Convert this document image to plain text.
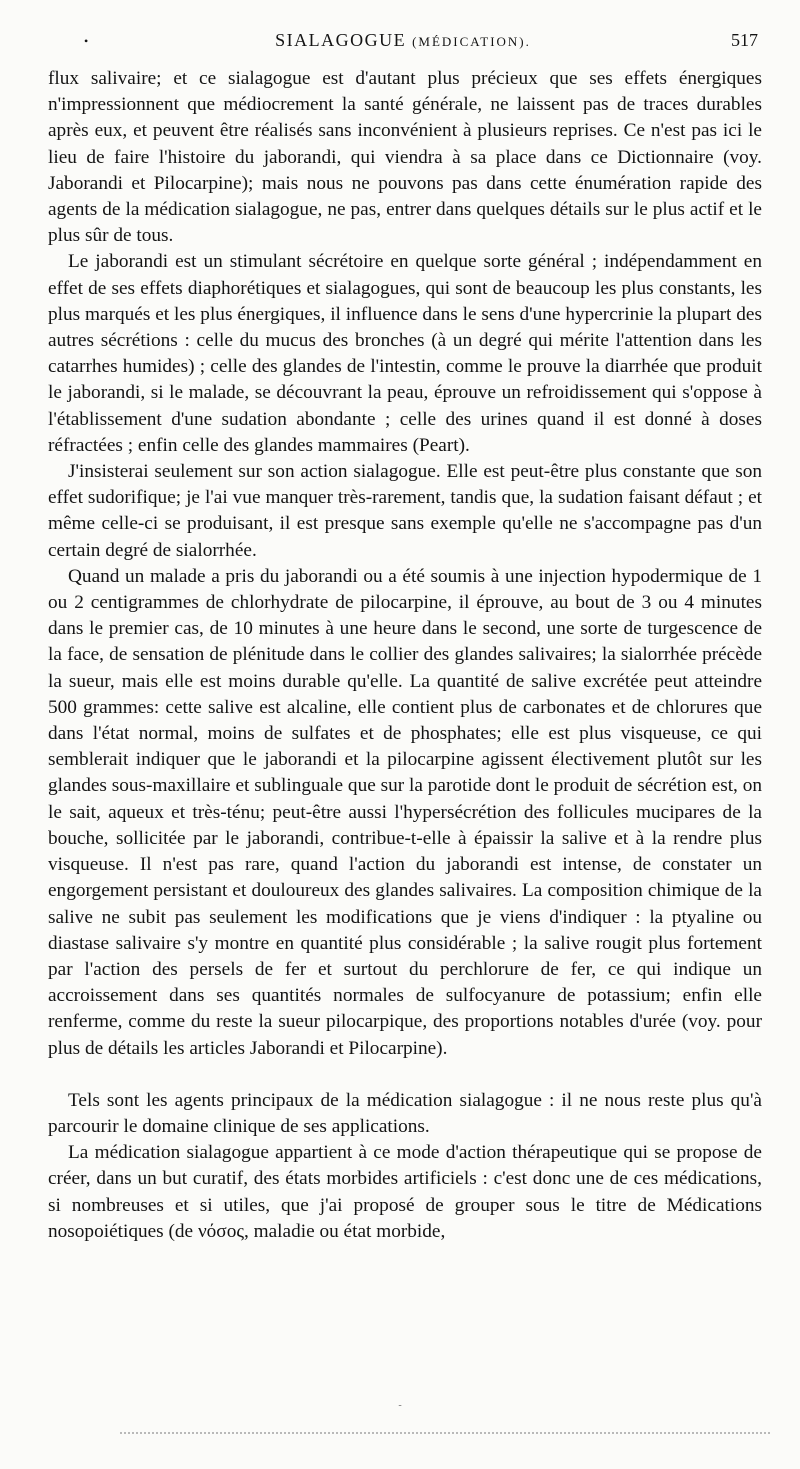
•	SIALAGOGUE (MÉDICATION).	517

flux salivaire; et ce sialagogue est d'autant plus précieux que ses effets énergiques n'impressionnent que médiocrement la santé générale, ne laissent pas de traces durables après eux, et peuvent être réalisés sans inconvénient à plusieurs reprises. Ce n'est pas ici le lieu de faire l'histoire du jaborandi, qui viendra à sa place dans ce Dictionnaire (voy. Jaborandi et Pilocarpine); mais nous ne pouvons pas dans cette énumération rapide des agents de la médication sialagogue, ne pas, entrer dans quelques détails sur le plus actif et le plus sûr de tous.

Le jaborandi est un stimulant sécrétoire en quelque sorte général ; indépendamment en effet de ses effets diaphorétiques et sialagogues, qui sont de beaucoup les plus constants, les plus marqués et les plus énergiques, il influence dans le sens d'une hypercrinie la plupart des autres sécrétions : celle du mucus des bronches (à un degré qui mérite l'attention dans les catarrhes humides) ; celle des glandes de l'intestin, comme le prouve la diarrhée que produit le jaborandi, si le malade, se découvrant la peau, éprouve un refroidissement qui s'oppose à l'établissement d'une sudation abondante ; celle des urines quand il est donné à doses réfractées ; enfin celle des glandes mammaires (Peart).

J'insisterai seulement sur son action sialagogue. Elle est peut-être plus constante que son effet sudorifique; je l'ai vue manquer très-rarement, tandis que, la sudation faisant défaut ; et même celle-ci se produisant, il est presque sans exemple qu'elle ne s'accompagne pas d'un certain degré de sialorrhée.

Quand un malade a pris du jaborandi ou a été soumis à une injection hypodermique de 1 ou 2 centigrammes de chlorhydrate de pilocarpine, il éprouve, au bout de 3 ou 4 minutes dans le premier cas, de 10 minutes à une heure dans le second, une sorte de turgescence de la face, de sensation de plénitude dans le collier des glandes salivaires; la sialorrhée précède la sueur, mais elle est moins durable qu'elle. La quantité de salive excrétée peut atteindre 500 grammes: cette salive est alcaline, elle contient plus de carbonates et de chlorures que dans l'état normal, moins de sulfates et de phosphates; elle est plus visqueuse, ce qui semblerait indiquer que le jaborandi et la pilocarpine agissent électivement plutôt sur les glandes sous-maxillaire et sublinguale que sur la parotide dont le produit de sécrétion est, on le sait, aqueux et très-ténu; peut-être aussi l'hypersécrétion des follicules mucipares de la bouche, sollicitée par le jaborandi, contribue-t-elle à épaissir la salive et à la rendre plus visqueuse. Il n'est pas rare, quand l'action du jaborandi est intense, de constater un engorgement persistant et douloureux des glandes salivaires. La composition chimique de la salive ne subit pas seulement les modifications que je viens d'indiquer : la ptyaline ou diastase salivaire s'y montre en quantité plus considérable ; la salive rougit plus fortement par l'action des persels de fer et surtout du perchlorure de fer, ce qui indique un accroissement dans ses quantités normales de sulfocyanure de potassium; enfin elle renferme, comme du reste la sueur pilocarpique, des proportions notables d'urée (voy. pour plus de détails les articles Jaborandi et Pilocarpine).

Tels sont les agents principaux de la médication sialagogue : il ne nous reste plus qu'à parcourir le domaine clinique de ses applications.

La médication sialagogue appartient à ce mode d'action thérapeutique qui se propose de créer, dans un but curatif, des états morbides artificiels : c'est donc une de ces médications, si nombreuses et si utiles, que j'ai proposé de grouper sous le titre de Médications nosopoiétiques (de νόσος, maladie ou état morbide,

-
